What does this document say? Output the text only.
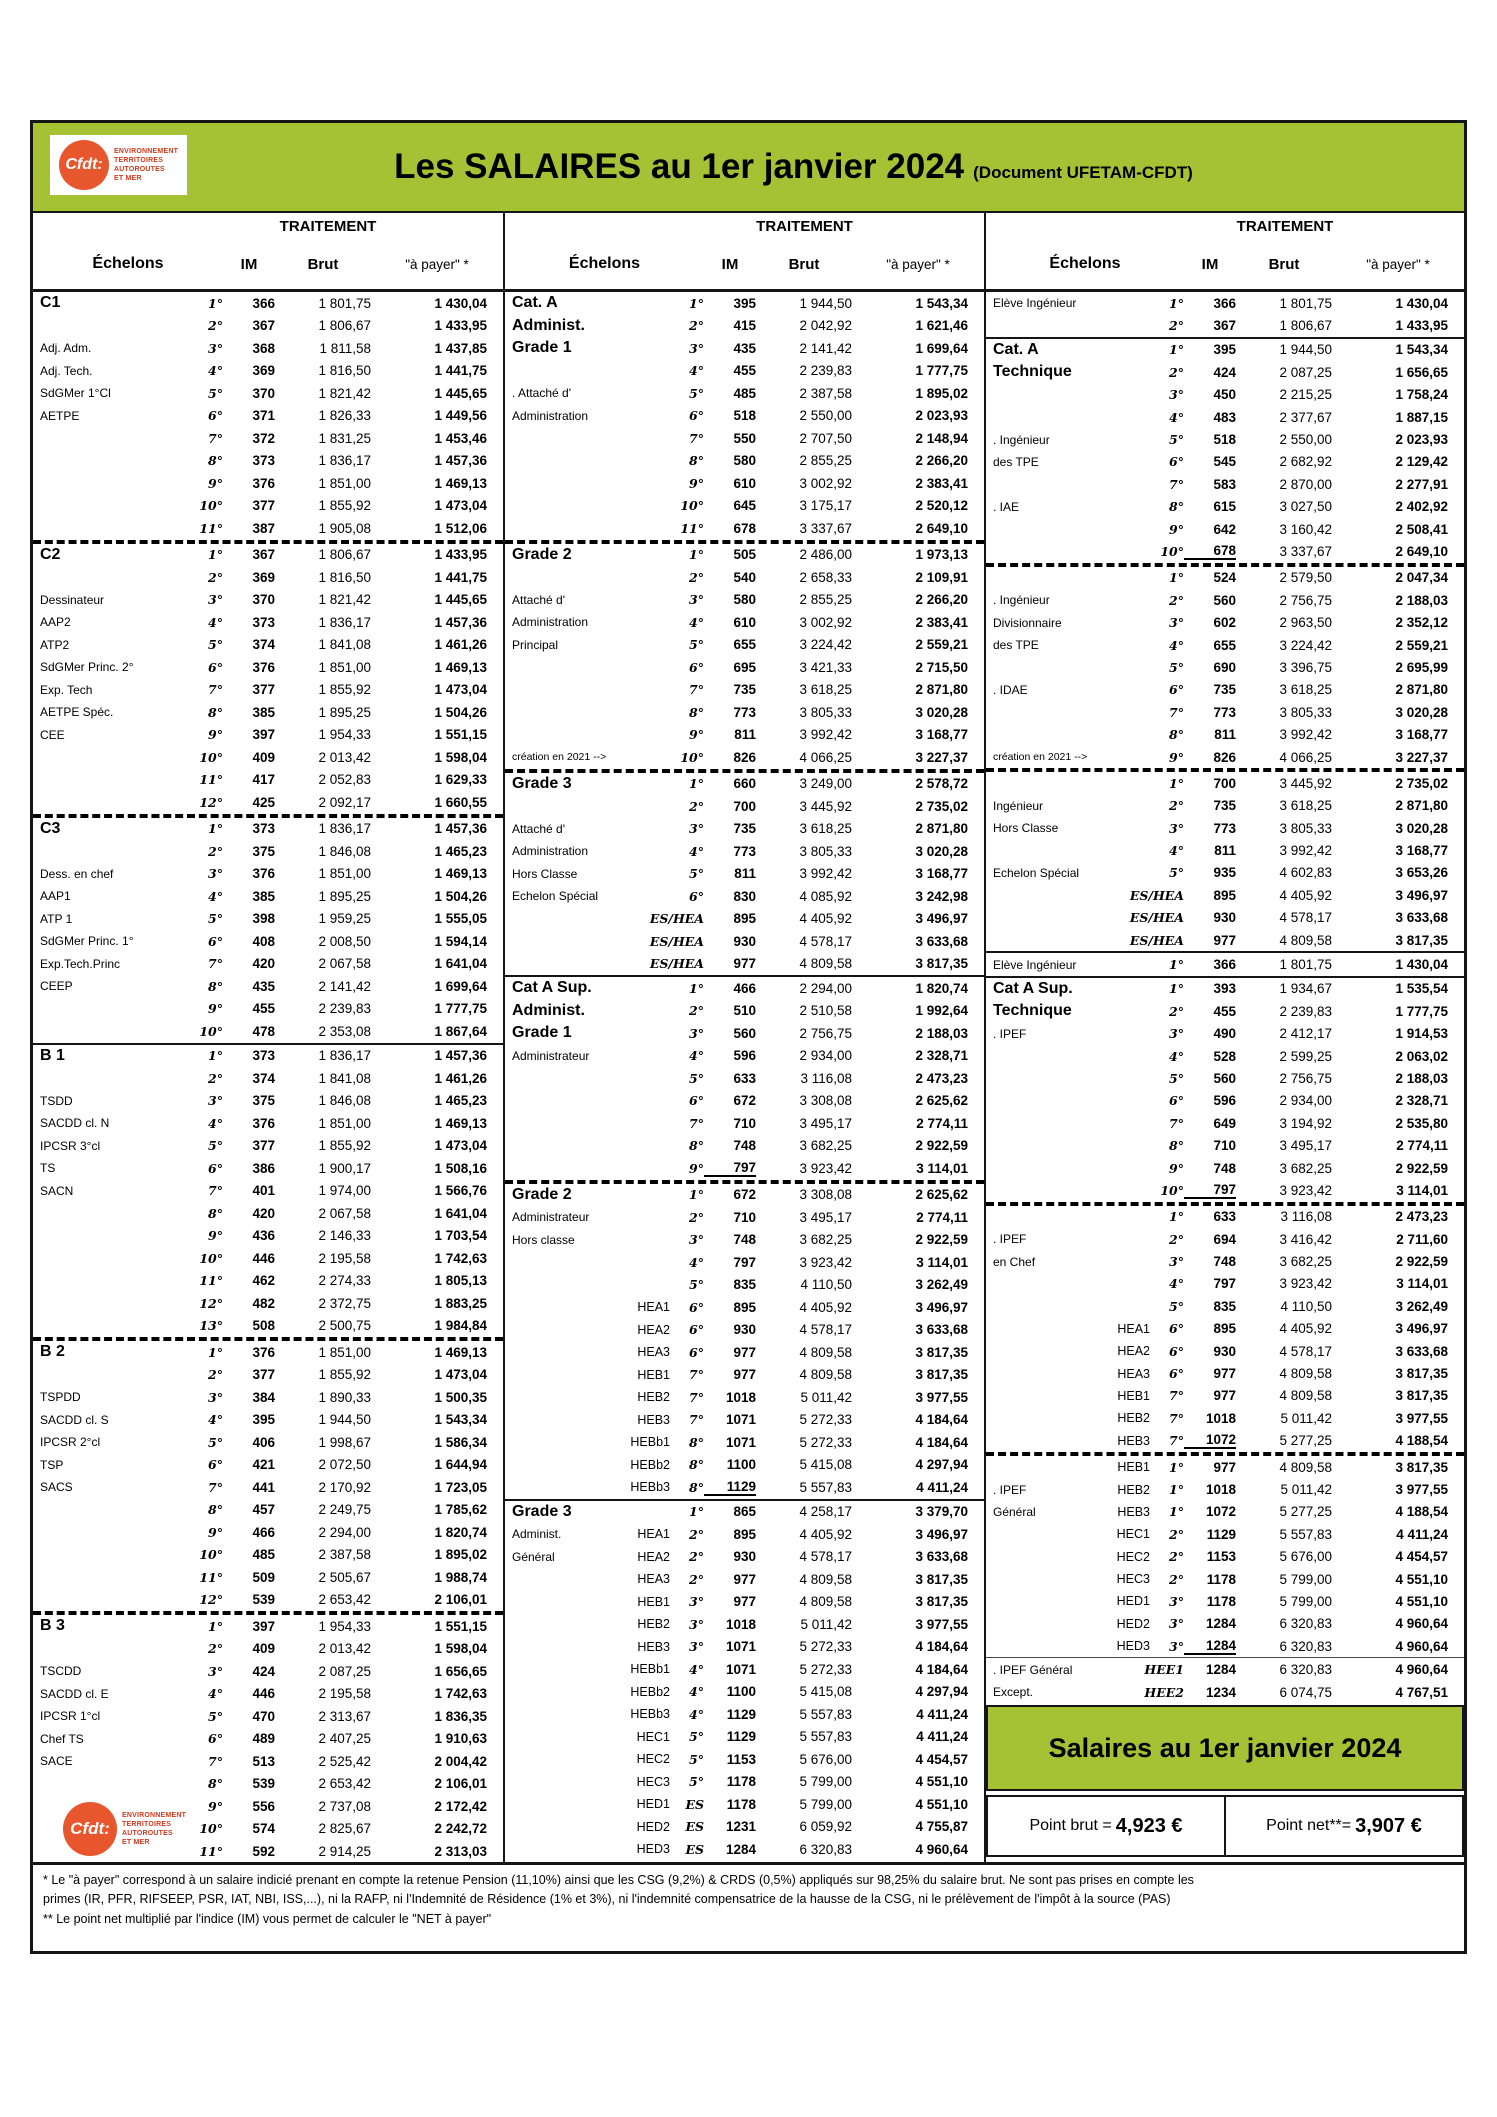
Cfdt:
ENVIRONNEMENT
TERRITOIRES
AUTOROUTES
ET MER	Les SALAIRES au 1er janvier 2024 (Document UFETAM-CFDT)
TRAITEMENT
Échelons	IM	Brut	"à payer" *
TRAITEMENT
Échelons	IM	Brut	"à payer" *
TRAITEMENT
Échelons	IM	Brut	"à payer" *
C1	1°	366	1 801,75	1 430,04
2°	367	1 806,67	1 433,95
Adj. Adm.	3°	368	1 811,58	1 437,85
Adj. Tech.	4°	369	1 816,50	1 441,75
SdGMer 1°Cl	5°	370	1 821,42	1 445,65
AETPE	6°	371	1 826,33	1 449,56
7°	372	1 831,25	1 453,46
8°	373	1 836,17	1 457,36
9°	376	1 851,00	1 469,13
10°	377	1 855,92	1 473,04
11°	387	1 905,08	1 512,06
C2	1°	367	1 806,67	1 433,95
2°	369	1 816,50	1 441,75
Dessinateur	3°	370	1 821,42	1 445,65
AAP2	4°	373	1 836,17	1 457,36
ATP2	5°	374	1 841,08	1 461,26
SdGMer Princ. 2°	6°	376	1 851,00	1 469,13
Exp. Tech	7°	377	1 855,92	1 473,04
AETPE Spéc.	8°	385	1 895,25	1 504,26
CEE	9°	397	1 954,33	1 551,15
10°	409	2 013,42	1 598,04
11°	417	2 052,83	1 629,33
12°	425	2 092,17	1 660,55
C3	1°	373	1 836,17	1 457,36
2°	375	1 846,08	1 465,23
Dess. en chef	3°	376	1 851,00	1 469,13
AAP1	4°	385	1 895,25	1 504,26
ATP 1	5°	398	1 959,25	1 555,05
SdGMer Princ. 1°	6°	408	2 008,50	1 594,14
Exp.Tech.Princ	7°	420	2 067,58	1 641,04
CEEP	8°	435	2 141,42	1 699,64
9°	455	2 239,83	1 777,75
10°	478	2 353,08	1 867,64
B 1	1°	373	1 836,17	1 457,36
2°	374	1 841,08	1 461,26
TSDD	3°	375	1 846,08	1 465,23
SACDD cl. N	4°	376	1 851,00	1 469,13
IPCSR 3°cl	5°	377	1 855,92	1 473,04
TS	6°	386	1 900,17	1 508,16
SACN	7°	401	1 974,00	1 566,76
8°	420	2 067,58	1 641,04
9°	436	2 146,33	1 703,54
10°	446	2 195,58	1 742,63
11°	462	2 274,33	1 805,13
12°	482	2 372,75	1 883,25
13°	508	2 500,75	1 984,84
B 2	1°	376	1 851,00	1 469,13
2°	377	1 855,92	1 473,04
TSPDD	3°	384	1 890,33	1 500,35
SACDD cl. S	4°	395	1 944,50	1 543,34
IPCSR 2°cl	5°	406	1 998,67	1 586,34
TSP	6°	421	2 072,50	1 644,94
SACS	7°	441	2 170,92	1 723,05
8°	457	2 249,75	1 785,62
9°	466	2 294,00	1 820,74
10°	485	2 387,58	1 895,02
11°	509	2 505,67	1 988,74
12°	539	2 653,42	2 106,01
B 3	1°	397	1 954,33	1 551,15
2°	409	2 013,42	1 598,04
TSCDD	3°	424	2 087,25	1 656,65
SACDD cl. E	4°	446	2 195,58	1 742,63
IPCSR 1°cl	5°	470	2 313,67	1 836,35
Chef TS	6°	489	2 407,25	1 910,63
SACE	7°	513	2 525,42	2 004,42
8°	539	2 653,42	2 106,01
9°	556	2 737,08	2 172,42
10°	574	2 825,67	2 242,72
11°	592	2 914,25	2 313,03
Cfdt:
ENVIRONNEMENT
TERRITOIRES
AUTOROUTES
ET MER
Cat. A	1°	395	1 944,50	1 543,34
Administ.	2°	415	2 042,92	1 621,46
Grade 1	3°	435	2 141,42	1 699,64
4°	455	2 239,83	1 777,75
. Attaché d'	5°	485	2 387,58	1 895,02
Administration	6°	518	2 550,00	2 023,93
7°	550	2 707,50	2 148,94
8°	580	2 855,25	2 266,20
9°	610	3 002,92	2 383,41
10°	645	3 175,17	2 520,12
11°	678	3 337,67	2 649,10
Grade 2	1°	505	2 486,00	1 973,13
2°	540	2 658,33	2 109,91
Attaché d'	3°	580	2 855,25	2 266,20
Administration	4°	610	3 002,92	2 383,41
Principal	5°	655	3 224,42	2 559,21
6°	695	3 421,33	2 715,50
7°	735	3 618,25	2 871,80
8°	773	3 805,33	3 020,28
9°	811	3 992,42	3 168,77
création en 2021 -->	10°	826	4 066,25	3 227,37
Grade 3	1°	660	3 249,00	2 578,72
2°	700	3 445,92	2 735,02
Attaché d'	3°	735	3 618,25	2 871,80
Administration	4°	773	3 805,33	3 020,28
Hors Classe	5°	811	3 992,42	3 168,77
Echelon Spécial	6°	830	4 085,92	3 242,98
ES/HEA	895	4 405,92	3 496,97
ES/HEA	930	4 578,17	3 633,68
ES/HEA	977	4 809,58	3 817,35
Cat A Sup.	1°	466	2 294,00	1 820,74
Administ.	2°	510	2 510,58	1 992,64
Grade 1	3°	560	2 756,75	2 188,03
Administrateur	4°	596	2 934,00	2 328,71
5°	633	3 116,08	2 473,23
6°	672	3 308,08	2 625,62
7°	710	3 495,17	2 774,11
8°	748	3 682,25	2 922,59
9°	797	3 923,42	3 114,01
Grade 2	1°	672	3 308,08	2 625,62
Administrateur	2°	710	3 495,17	2 774,11
Hors classe	3°	748	3 682,25	2 922,59
4°	797	3 923,42	3 114,01
5°	835	4 110,50	3 262,49
HEA1	6°	895	4 405,92	3 496,97
HEA2	6°	930	4 578,17	3 633,68
HEA3	6°	977	4 809,58	3 817,35
HEB1	7°	977	4 809,58	3 817,35
HEB2	7°	1018	5 011,42	3 977,55
HEB3	7°	1071	5 272,33	4 184,64
HEBb1	8°	1071	5 272,33	4 184,64
HEBb2	8°	1100	5 415,08	4 297,94
HEBb3	8°	1129	5 557,83	4 411,24
Grade 3	1°	865	4 258,17	3 379,70
Administ.	HEA1	2°	895	4 405,92	3 496,97
Général	HEA2	2°	930	4 578,17	3 633,68
HEA3	2°	977	4 809,58	3 817,35
HEB1	3°	977	4 809,58	3 817,35
HEB2	3°	1018	5 011,42	3 977,55
HEB3	3°	1071	5 272,33	4 184,64
HEBb1	4°	1071	5 272,33	4 184,64
HEBb2	4°	1100	5 415,08	4 297,94
HEBb3	4°	1129	5 557,83	4 411,24
HEC1	5°	1129	5 557,83	4 411,24
HEC2	5°	1153	5 676,00	4 454,57
HEC3	5°	1178	5 799,00	4 551,10
HED1	ES	1178	5 799,00	4 551,10
HED2	ES	1231	6 059,92	4 755,87
HED3	ES	1284	6 320,83	4 960,64
Elève Ingénieur	1°	366	1 801,75	1 430,04
2°	367	1 806,67	1 433,95
Cat. A	1°	395	1 944,50	1 543,34
Technique	2°	424	2 087,25	1 656,65
3°	450	2 215,25	1 758,24
4°	483	2 377,67	1 887,15
. Ingénieur	5°	518	2 550,00	2 023,93
des TPE	6°	545	2 682,92	2 129,42
7°	583	2 870,00	2 277,91
. IAE	8°	615	3 027,50	2 402,92
9°	642	3 160,42	2 508,41
10°	678	3 337,67	2 649,10
1°	524	2 579,50	2 047,34
. Ingénieur	2°	560	2 756,75	2 188,03
Divisionnaire	3°	602	2 963,50	2 352,12
des TPE	4°	655	3 224,42	2 559,21
5°	690	3 396,75	2 695,99
. IDAE	6°	735	3 618,25	2 871,80
7°	773	3 805,33	3 020,28
8°	811	3 992,42	3 168,77
création en 2021 -->	9°	826	4 066,25	3 227,37
1°	700	3 445,92	2 735,02
Ingénieur	2°	735	3 618,25	2 871,80
Hors Classe	3°	773	3 805,33	3 020,28
4°	811	3 992,42	3 168,77
Echelon Spécial	5°	935	4 602,83	3 653,26
ES/HEA	895	4 405,92	3 496,97
ES/HEA	930	4 578,17	3 633,68
ES/HEA	977	4 809,58	3 817,35
Elève Ingénieur	1°	366	1 801,75	1 430,04
Cat A Sup.	1°	393	1 934,67	1 535,54
Technique	2°	455	2 239,83	1 777,75
. IPEF	3°	490	2 412,17	1 914,53
4°	528	2 599,25	2 063,02
5°	560	2 756,75	2 188,03
6°	596	2 934,00	2 328,71
7°	649	3 194,92	2 535,80
8°	710	3 495,17	2 774,11
9°	748	3 682,25	2 922,59
10°	797	3 923,42	3 114,01
1°	633	3 116,08	2 473,23
. IPEF	2°	694	3 416,42	2 711,60
en Chef	3°	748	3 682,25	2 922,59
4°	797	3 923,42	3 114,01
5°	835	4 110,50	3 262,49
HEA1	6°	895	4 405,92	3 496,97
HEA2	6°	930	4 578,17	3 633,68
HEA3	6°	977	4 809,58	3 817,35
HEB1	7°	977	4 809,58	3 817,35
HEB2	7°	1018	5 011,42	3 977,55
HEB3	7°	1072	5 277,25	4 188,54
HEB1	1°	977	4 809,58	3 817,35
. IPEF	HEB2	1°	1018	5 011,42	3 977,55
Général	HEB3	1°	1072	5 277,25	4 188,54
HEC1	2°	1129	5 557,83	4 411,24
HEC2	2°	1153	5 676,00	4 454,57
HEC3	2°	1178	5 799,00	4 551,10
HED1	3°	1178	5 799,00	4 551,10
HED2	3°	1284	6 320,83	4 960,64
HED3	3°	1284	6 320,83	4 960,64
. IPEF Général	HEE1	1284	6 320,83	4 960,64
Except.	HEE2	1234	6 074,75	4 767,51
Salaires au 1er janvier 2024
Point brut = 4,923 €	Point net**= 3,907 €
* Le "à payer" correspond à un salaire indicié prenant en compte la retenue Pension (11,10%) ainsi que les CSG (9,2%) & CRDS (0,5%) appliqués sur 98,25% du salaire brut. Ne sont pas prises en compte les
primes (IR, PFR, RIFSEEP, PSR, IAT, NBI, ISS,...), ni la RAFP, ni l'Indemnité de Résidence (1% et 3%), ni l'indemnité compensatrice de la hausse de la CSG, ni le prélèvement de l'impôt à la source (PAS)
** Le point net multiplié par l'indice (IM) vous permet de calculer le "NET à payer"
